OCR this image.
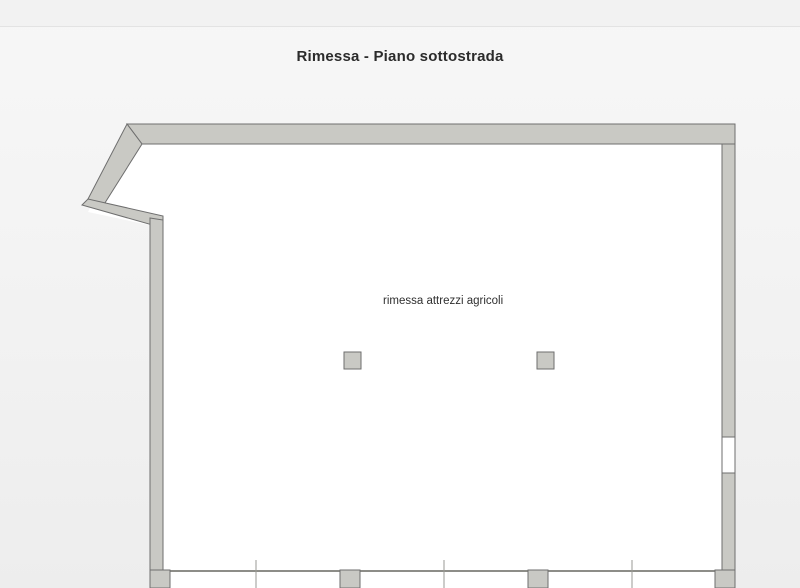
Rimessa - Piano sottostrada
rimessa attrezzi agricoli
